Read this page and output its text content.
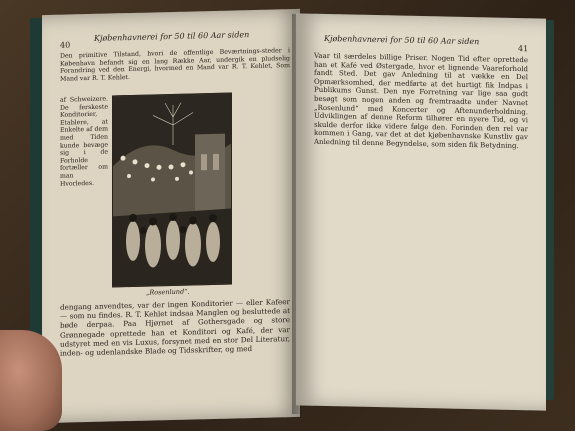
40
Kjøbenhavnerei for 50 til 60 Aar siden

Den primitive Tilstand, hvori de offentlige Beværtnings-steder i København befandt sig en lang Række Aar, undergik en pludselig Forandring ved den Energi, hvormed en Mand var R. T. Kehlet, Som Mand var R. T. Kehlet.

af Schweizere. De ferskeste Konditorier, Etablere, at Enkelte af dem med Tiden kunde bevæge sig i de Forholde fortæller om man Hvorledes.

„Rosenlund“.

dengang anvendtes, var der ingen Konditorier — eller Kafeer — som nu findes. R. T. Kehlet indsaa Manglen og besluttede at bøde derpaa. Paa Hjørnet af Gothersgade og store Grønnegade oprettede han et Konditori og Kafé, der var udstyret med en vis Luxus, forsynet med en stor Del Literatur, inden- og udenlandske Blade og Tidsskrifter, og med

Kjøbenhavnerei for 50 til 60 Aar siden
41

Vaar til særdeles billige Priser. Nogen Tid efter oprettede han et Kafé ved Østergade, hvor et lignende Vaareforhold fandt Sted. Det gav Anledning til at vække en Del Opmærksomhed, der medførte at det hurtigt fik Indpas i Publikums Gunst. Den nye Forretning var lige saa godt besøgt som nogen anden og fremtraadte under Navnet „Rosenlund“ med Koncerter og Aftenunderholdning. Udviklingen af denne Reform tilhører en nyere Tid, og vi skulde derfor ikke videre følge den. Forinden den rel var kommen i Gang, var det at det kjøbenhavnske Kunstliv gav Anledning til denne Begyndelse, som siden fik Betydning.
